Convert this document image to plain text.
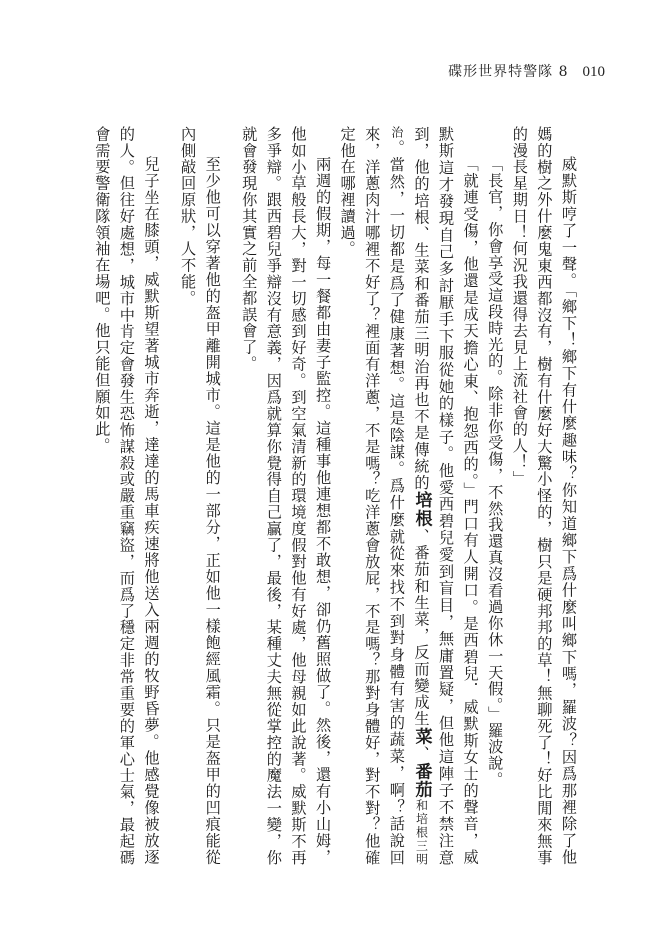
碟形世界特警隊 8 010

威默斯哼了一聲。「鄉下！鄉下有什麼趣味？你知道鄉下爲什麼叫鄉下嗎，羅波？因爲那裡除了他媽的樹之外什麼鬼東西都沒有，樹有什麼好大驚小怪的，樹只是硬邦邦的草！無聊死了！好比閒來無事的漫長星期日！何況我還得去見上流社會的人！」

「長官，你會享受這段時光的。除非你受傷，不然我還真沒看過你休一天假。」羅波說。

「就連受傷，他還是成天擔心東、抱怨西的。」門口有人開口。是西碧兒．威默斯女士的聲音，威默斯這才發現自己多討厭手下服從她的樣子。他愛西碧兒愛到盲目，無庸置疑，但他這陣子不禁注意到，他的培根、生菜和番茄三明治再也不是傳統的培根、番茄和生菜，反而變成生菜、番茄和培根三明治。當然，一切都是爲了健康著想。這是陰謀。爲什麼就從來找不到對身體有害的蔬菜，啊？話說回來，洋蔥肉汁哪裡不好了？裡面有洋蔥，不是嗎？吃洋蔥會放屁，不是嗎？那對身體好，對不對？他確定他在哪裡讀過。

兩週的假期，每一餐都由妻子監控。這種事他連想都不敢想，卻仍舊照做了。然後，還有小山姆，他如小草般長大，對一切感到好奇。到空氣清新的環境度假對他有好處，他母親如此說著。威默斯不再多爭辯。跟西碧兒爭辯沒有意義，因爲就算你覺得自己贏了，最後，某種丈夫無從掌控的魔法一變，你就會發現你其實之前全都誤會了。

至少他可以穿著他的盔甲離開城市。這是他的一部分，正如他一樣飽經風霜。只是盔甲的凹痕能從內側敲回原狀，人不能。

兒子坐在膝頭，威默斯望著城市奔逝，達達的馬車疾速將他送入兩週的牧野昏夢。他感覺像被放逐的人。但往好處想，城市中肯定會發生恐怖謀殺或嚴重竊盜，而爲了穩定非常重要的軍心士氣，最起碼會需要警衛隊領袖在場吧。他只能但願如此。
